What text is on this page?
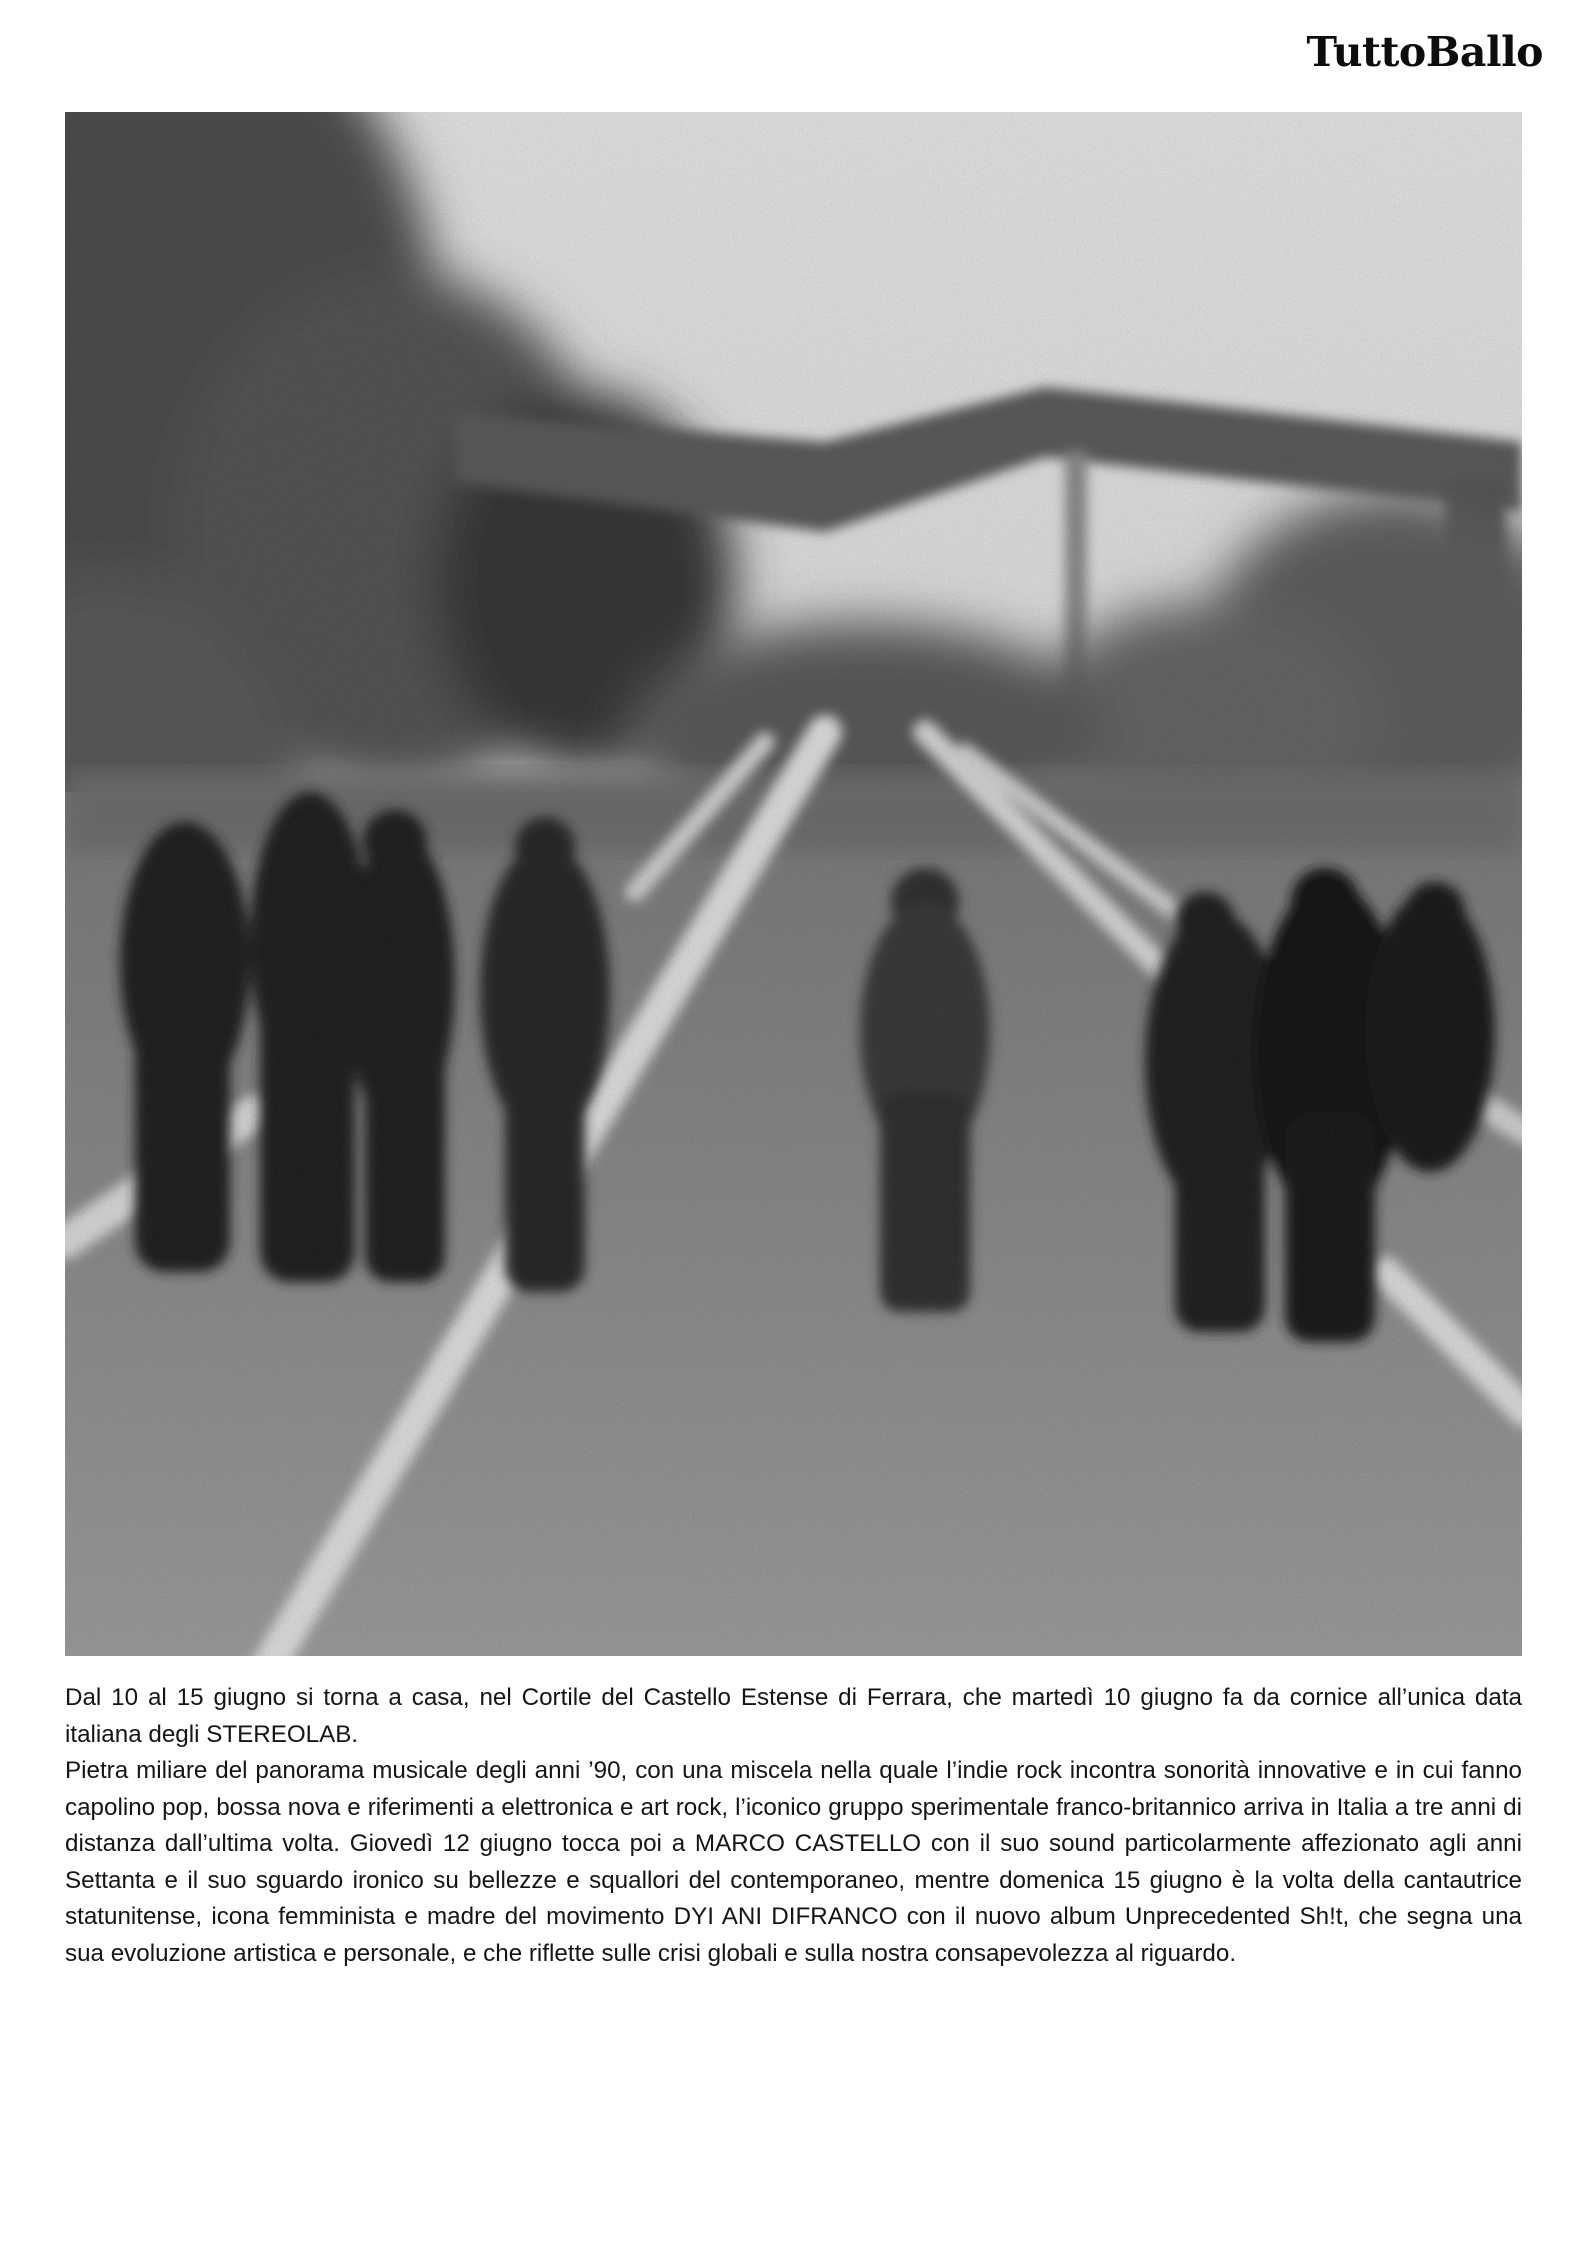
TuttoBallo

Dal 10 al 15 giugno si torna a casa, nel Cortile del Castello Estense di Ferrara, che martedì 10 giugno fa da cornice all’unica data italiana degli STEREOLAB.

Pietra miliare del panorama musicale degli anni ’90, con una miscela nella quale l’indie rock incontra sonorità innovative e in cui fanno capolino pop, bossa nova e riferimenti a elettronica e art rock, l’iconico gruppo sperimentale franco-britannico arriva in Italia a tre anni di distanza dall’ultima volta. Giovedì 12 giugno tocca poi a MARCO CASTELLO con il suo sound particolarmente affezionato agli anni Settanta e il suo sguardo ironico su bellezze e squallori del contemporaneo, mentre domenica 15 giugno è la volta della cantautrice statunitense, icona femminista e madre del movimento DYI ANI DIFRANCO con il nuovo album Unprecedented Sh!t, che segna una sua evoluzione artistica e personale, e che riflette sulle crisi globali e sulla nostra consapevolezza al riguardo.
